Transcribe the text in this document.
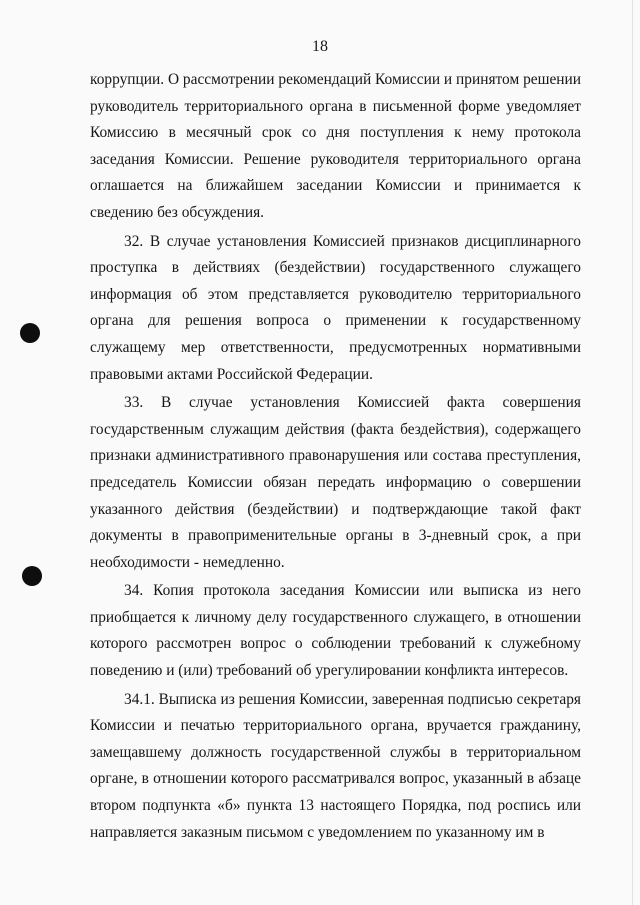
18

коррупции. О рассмотрении рекомендаций Комиссии и принятом решении руководитель территориального органа в письменной форме уведомляет Комиссию в месячный срок со дня поступления к нему протокола заседания Комиссии. Решение руководителя территориального органа оглашается на ближайшем заседании Комиссии и принимается к сведению без обсуждения.

32. В случае установления Комиссией признаков дисциплинарного проступка в действиях (бездействии) государственного служащего информация об этом представляется руководителю территориального органа для решения вопроса о применении к государственному служащему мер ответственности, предусмотренных нормативными правовыми актами Российской Федерации.

33. В случае установления Комиссией факта совершения государственным служащим действия (факта бездействия), содержащего признаки административного правонарушения или состава преступления, председатель Комиссии обязан передать информацию о совершении указанного действия (бездействии) и подтверждающие такой факт документы в правоприменительные органы в 3-дневный срок, а при необходимости - немедленно.

34. Копия протокола заседания Комиссии или выписка из него приобщается к личному делу государственного служащего, в отношении которого рассмотрен вопрос о соблюдении требований к служебному поведению и (или) требований об урегулировании конфликта интересов.

34.1. Выписка из решения Комиссии, заверенная подписью секретаря Комиссии и печатью территориального органа, вручается гражданину, замещавшему должность государственной службы в территориальном органе, в отношении которого рассматривался вопрос, указанный в абзаце втором подпункта «б» пункта 13 настоящего Порядка, под роспись или направляется заказным письмом с уведомлением по указанному им в
